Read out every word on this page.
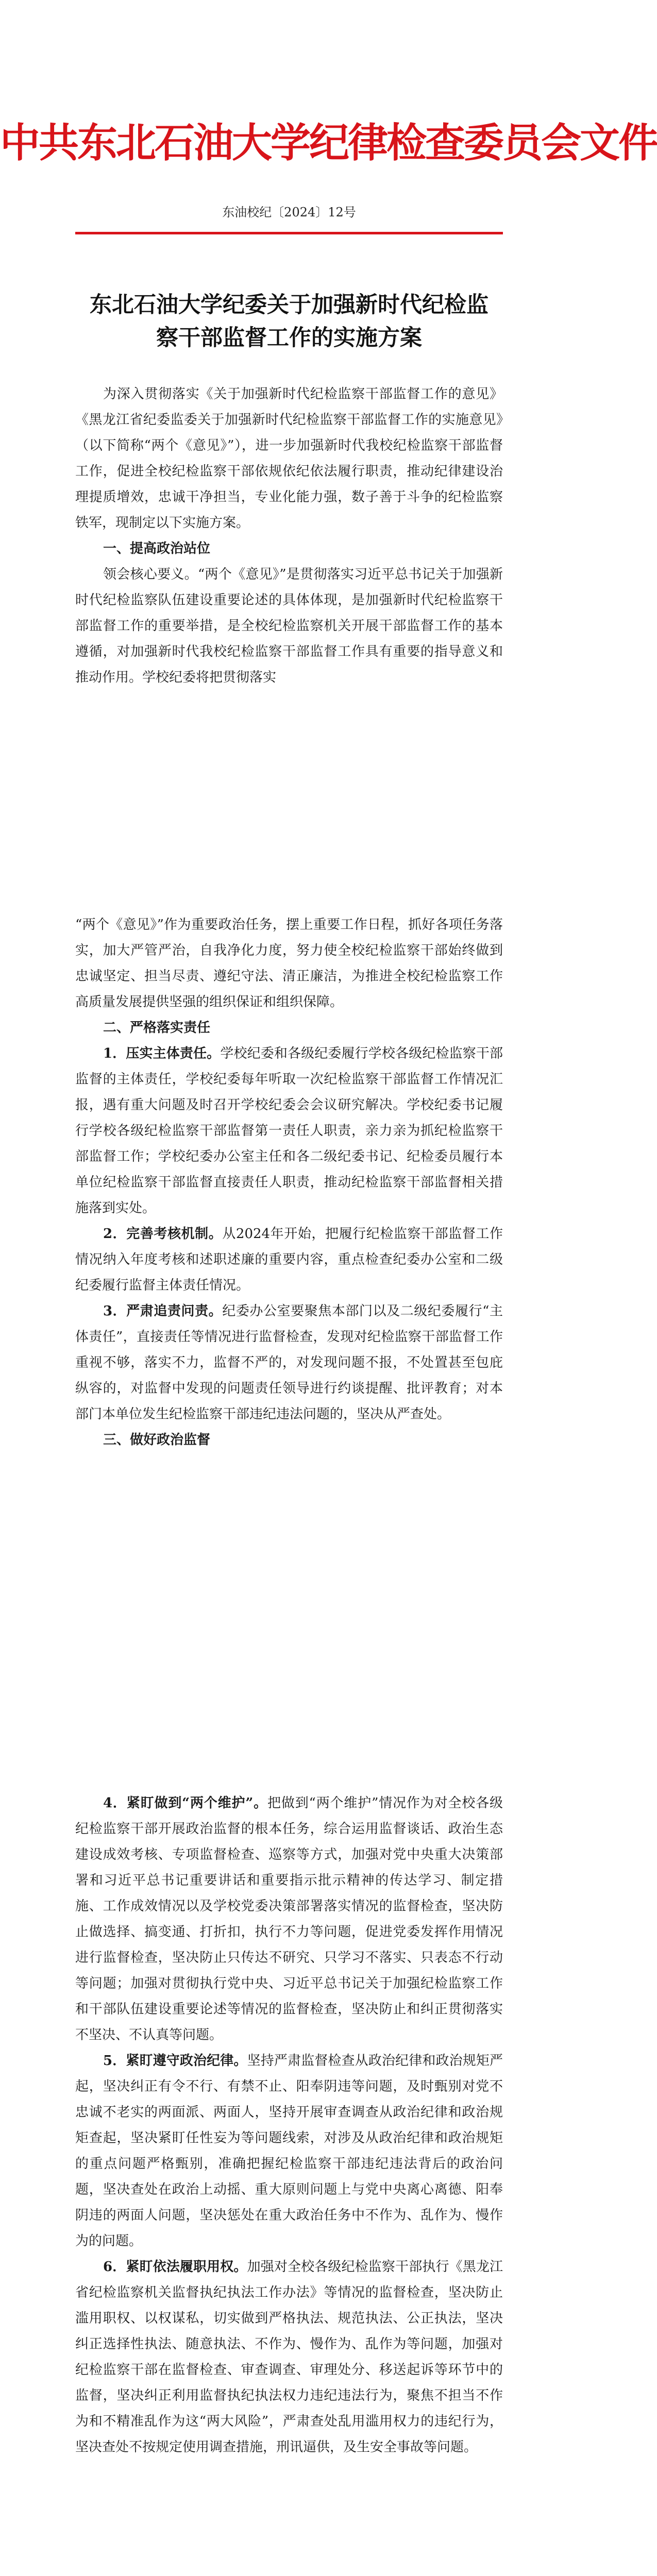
中共东北石油大学纪律检查委员会文件
东油校纪〔2024〕12号
东北石油大学纪委关于加强新时代纪检监
察干部监督工作的实施方案

为深入贯彻落实《关于加强新时代纪检监察干部监督工作的意见》《黑龙江省纪委监委关于加强新时代纪检监察干部监督工作的实施意见》（以下简称“两个《意见》”），进一步加强新时代我校纪检监察干部监督工作，促进全校纪检监察干部依规依纪依法履行职责，推动纪律建设治理提质增效，忠诚干净担当，专业化能力强，数子善于斗争的纪检监察铁军，现制定以下实施方案。

一、提高政治站位

领会核心要义。“两个《意见》”是贯彻落实习近平总书记关于加强新时代纪检监察队伍建设重要论述的具体体现，是加强新时代纪检监察干部监督工作的重要举措，是全校纪检监察机关开展干部监督工作的基本遵循，对加强新时代我校纪检监察干部监督工作具有重要的指导意义和推动作用。学校纪委将把贯彻落实

“两个《意见》”作为重要政治任务，摆上重要工作日程，抓好各项任务落实，加大严管严治，自我净化力度，努力使全校纪检监察干部始终做到忠诚坚定、担当尽责、遵纪守法、清正廉洁，为推进全校纪检监察工作高质量发展提供坚强的组织保证和组织保障。

二、严格落实责任

1．压实主体责任。学校纪委和各级纪委履行学校各级纪检监察干部监督的主体责任，学校纪委每年听取一次纪检监察干部监督工作情况汇报，遇有重大问题及时召开学校纪委会会议研究解决。学校纪委书记履行学校各级纪检监察干部监督第一责任人职责，亲力亲为抓纪检监察干部监督工作；学校纪委办公室主任和各二级纪委书记、纪检委员履行本单位纪检监察干部监督直接责任人职责，推动纪检监察干部监督相关措施落到实处。

2．完善考核机制。从2024年开始，把履行纪检监察干部监督工作情况纳入年度考核和述职述廉的重要内容，重点检查纪委办公室和二级纪委履行监督主体责任情况。

3．严肃追责问责。纪委办公室要聚焦本部门以及二级纪委履行“主体责任”，直接责任等情况进行监督检查，发现对纪检监察干部监督工作重视不够，落实不力，监督不严的，对发现问题不报，不处置甚至包庇纵容的，对监督中发现的问题责任领导进行约谈提醒、批评教育；对本部门本单位发生纪检监察干部违纪违法问题的，坚决从严查处。

三、做好政治监督

4．紧盯做到“两个维护”。把做到“两个维护”情况作为对全校各级纪检监察干部开展政治监督的根本任务，综合运用监督谈话、政治生态建设成效考核、专项监督检查、巡察等方式，加强对党中央重大决策部署和习近平总书记重要讲话和重要指示批示精神的传达学习、制定措施、工作成效情况以及学校党委决策部署落实情况的监督检查，坚决防止做选择、搞变通、打折扣，执行不力等问题，促进党委发挥作用情况进行监督检查，坚决防止只传达不研究、只学习不落实、只表态不行动等问题；加强对贯彻执行党中央、习近平总书记关于加强纪检监察工作和干部队伍建设重要论述等情况的监督检查，坚决防止和纠正贯彻落实不坚决、不认真等问题。

5．紧盯遵守政治纪律。坚持严肃监督检查从政治纪律和政治规矩严起，坚决纠正有令不行、有禁不止、阳奉阴违等问题，及时甄别对党不忠诚不老实的两面派、两面人，坚持开展审查调查从政治纪律和政治规矩查起，坚决紧盯任性妄为等问题线索，对涉及从政治纪律和政治规矩的重点问题严格甄别，准确把握纪检监察干部违纪违法背后的政治问题，坚决查处在政治上动摇、重大原则问题上与党中央离心离德、阳奉阴违的两面人问题，坚决惩处在重大政治任务中不作为、乱作为、慢作为的问题。

6．紧盯依法履职用权。加强对全校各级纪检监察干部执行《黑龙江省纪检监察机关监督执纪执法工作办法》等情况的监督检查，坚决防止滥用职权、以权谋私，切实做到严格执法、规范执法、公正执法，坚决纠正选择性执法、随意执法、不作为、慢作为、乱作为等问题，加强对纪检监察干部在监督检查、审查调查、审理处分、移送起诉等环节中的监督，坚决纠正利用监督执纪执法权力违纪违法行为，聚焦不担当不作为和不精准乱作为这“两大风险”，严肃查处乱用滥用权力的违纪行为，坚决查处不按规定使用调查措施，刑讯逼供，及生安全事故等问题。
